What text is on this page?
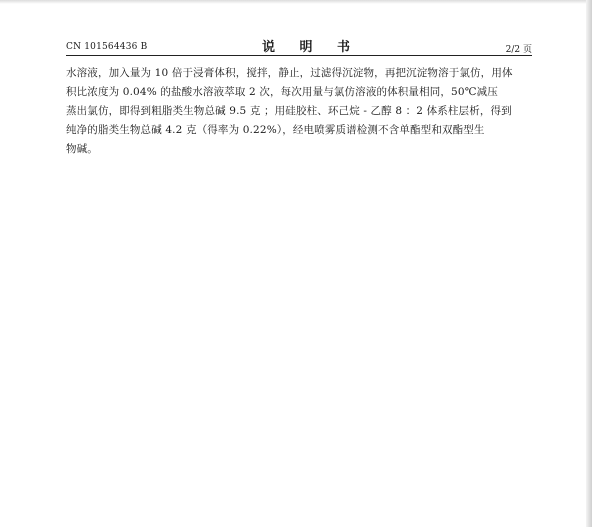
CN 101564436 B	说 明 书	2/2 页
水溶液，加入量为 10 倍于浸膏体积，搅拌，静止，过滤得沉淀物，再把沉淀物溶于氯仿，用体
积比浓度为 0.04% 的盐酸水溶液萃取 2 次，每次用量与氯仿溶液的体积量相同，50℃减压
蒸出氯仿，即得到粗脂类生物总碱 9.5 克 ；用硅胶柱、环己烷 - 乙醇 8 ：2 体系柱层析，得到
纯净的脂类生物总碱 4.2 克（得率为 0.22%），经电喷雾质谱检测不含单酯型和双酯型生
物碱。
